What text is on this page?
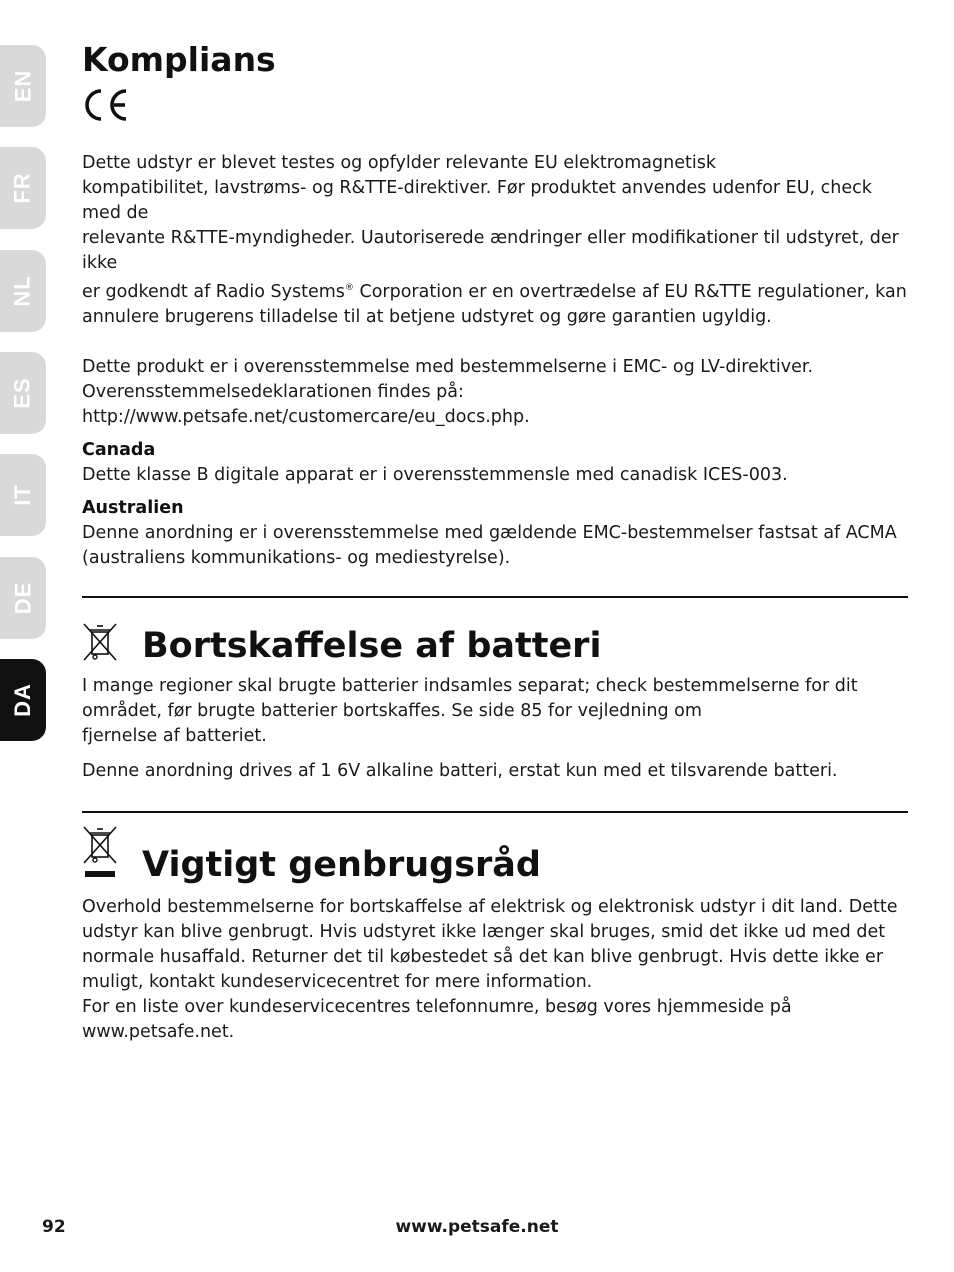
EN
FR
NL
ES
IT
DE
DA
Komplians

Dette udstyr er blevet testes og opfylder relevante EU elektromagnetisk

kompatibilitet, lavstrøms- og R&TTE-direktiver. Før produktet anvendes udenfor EU, check med de

relevante R&TTE-myndigheder. Uautoriserede ændringer eller modifikationer til udstyret, der ikke

er godkendt af Radio Systems® Corporation er en overtrædelse af EU R&TTE regulationer, kan

annulere brugerens tilladelse til at betjene udstyret og gøre garantien ugyldig.

Dette produkt er i overensstemmelse med bestemmelserne i EMC- og LV-direktiver.

Overensstemmelsedeklarationen findes på:

http://www.petsafe.net/customercare/eu_docs.php.

Canada

Dette klasse B digitale apparat er i overensstemmensle med canadisk ICES-003.

Australien

Denne anordning er i overensstemmelse med gældende EMC-bestemmelser fastsat af ACMA

(australiens kommunikations- og mediestyrelse).

Bortskaffelse af batteri

I mange regioner skal brugte batterier indsamles separat; check bestemmelserne for dit

området, før brugte batterier bortskaffes. Se side 85 for vejledning om

fjernelse af batteriet.

Denne anordning drives af 1 6V alkaline batteri, erstat kun med et tilsvarende batteri.

Vigtigt genbrugsråd

Overhold bestemmelserne for bortskaffelse af elektrisk og elektronisk udstyr i dit land. Dette

udstyr kan blive genbrugt. Hvis udstyret ikke længer skal bruges, smid det ikke ud med det

normale husaffald. Returner det til købestedet så det kan blive genbrugt. Hvis dette ikke er

muligt, kontakt kundeservicecentret for mere information.

For en liste over kundeservicecentres telefonnumre, besøg vores hjemmeside på

www.petsafe.net.

www.petsafe.net
92
